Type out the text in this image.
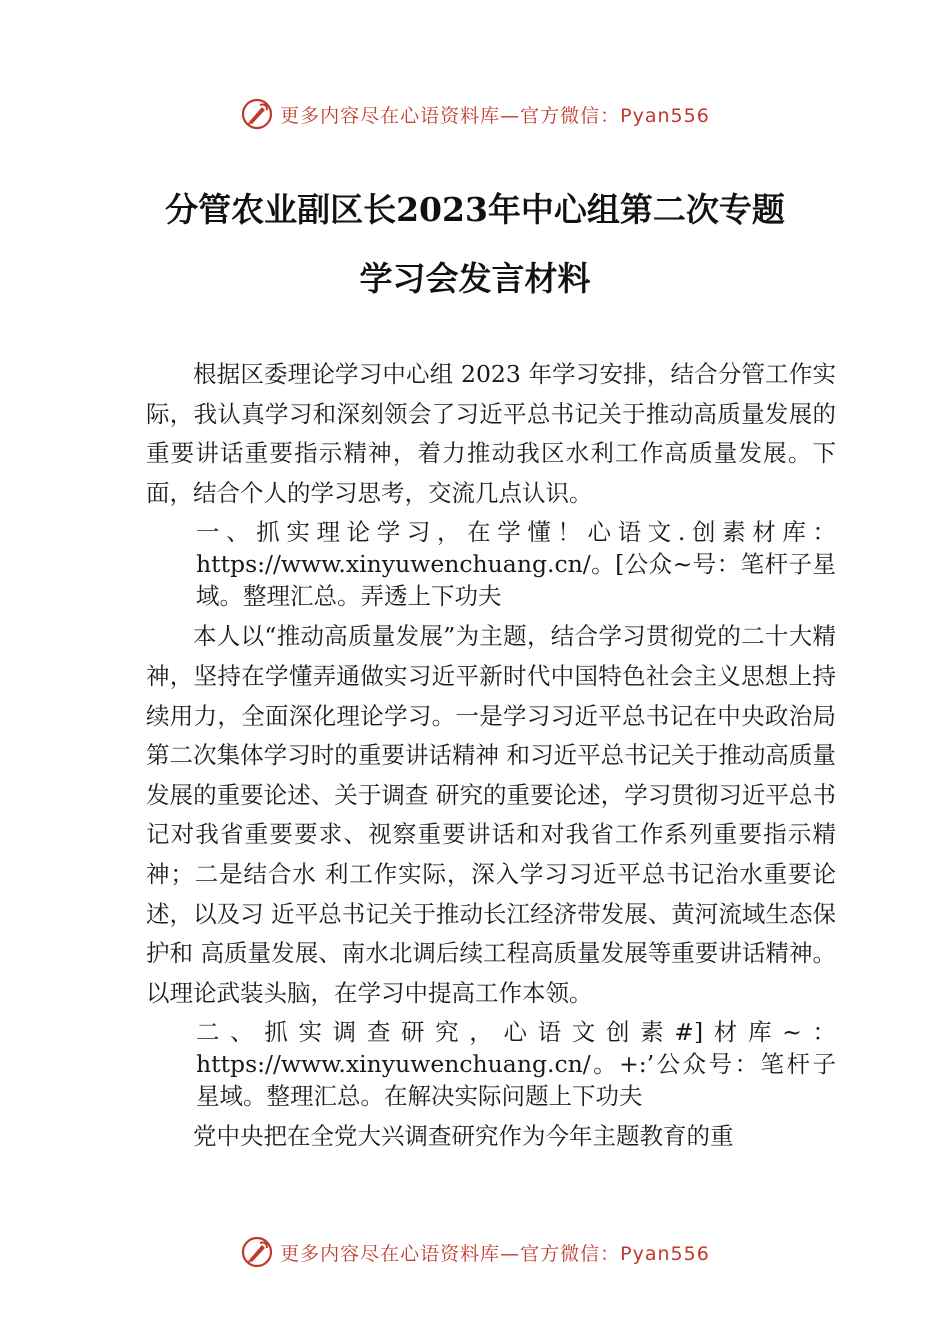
更多内容尽在心语资料库—官方微信：Pyan556
分管农业副区长2023年中心组第二次专题
学习会发言材料

根据区委理论学习中心组 2023 年学习安排，结合分管工作实际，我认真学习和深刻领会了习近平总书记关于推动高质量发展的重要讲话重要指示精神，着力推动我区水利工作高质量发展。下面，结合个人的学习思考，交流几点认识。

一、抓实理论学习，在学懂！心语文.创素材库：https://www.xinyuwenchuang.cn/。[公众~号：笔杆子星域。整理汇总。弄透上下功夫

本人以“推动高质量发展”为主题，结合学习贯彻党的二十大精神，坚持在学懂弄通做实习近平新时代中国特色社会主义思想上持续用力，全面深化理论学习。一是学习习近平总书记在中央政治局第二次集体学习时的重要讲话精神 和习近平总书记关于推动高质量发展的重要论述、关于调查 研究的重要论述，学习贯彻习近平总书记对我省重要要求、视察重要讲话和对我省工作系列重要指示精神；二是结合水 利工作实际，深入学习习近平总书记治水重要论述，以及习 近平总书记关于推动长江经济带发展、黄河流域生态保护和 高质量发展、南水北调后续工程高质量发展等重要讲话精神。以理论武装头脑，在学习中提高工作本领。

二、抓实调查研究，心语文创素#]材库~：https://www.xinyuwenchuang.cn/。+:’公众号：笔杆子星域。整理汇总。在解决实际问题上下功夫

党中央把在全党大兴调查研究作为今年主题教育的重

更多内容尽在心语资料库—官方微信：Pyan556
